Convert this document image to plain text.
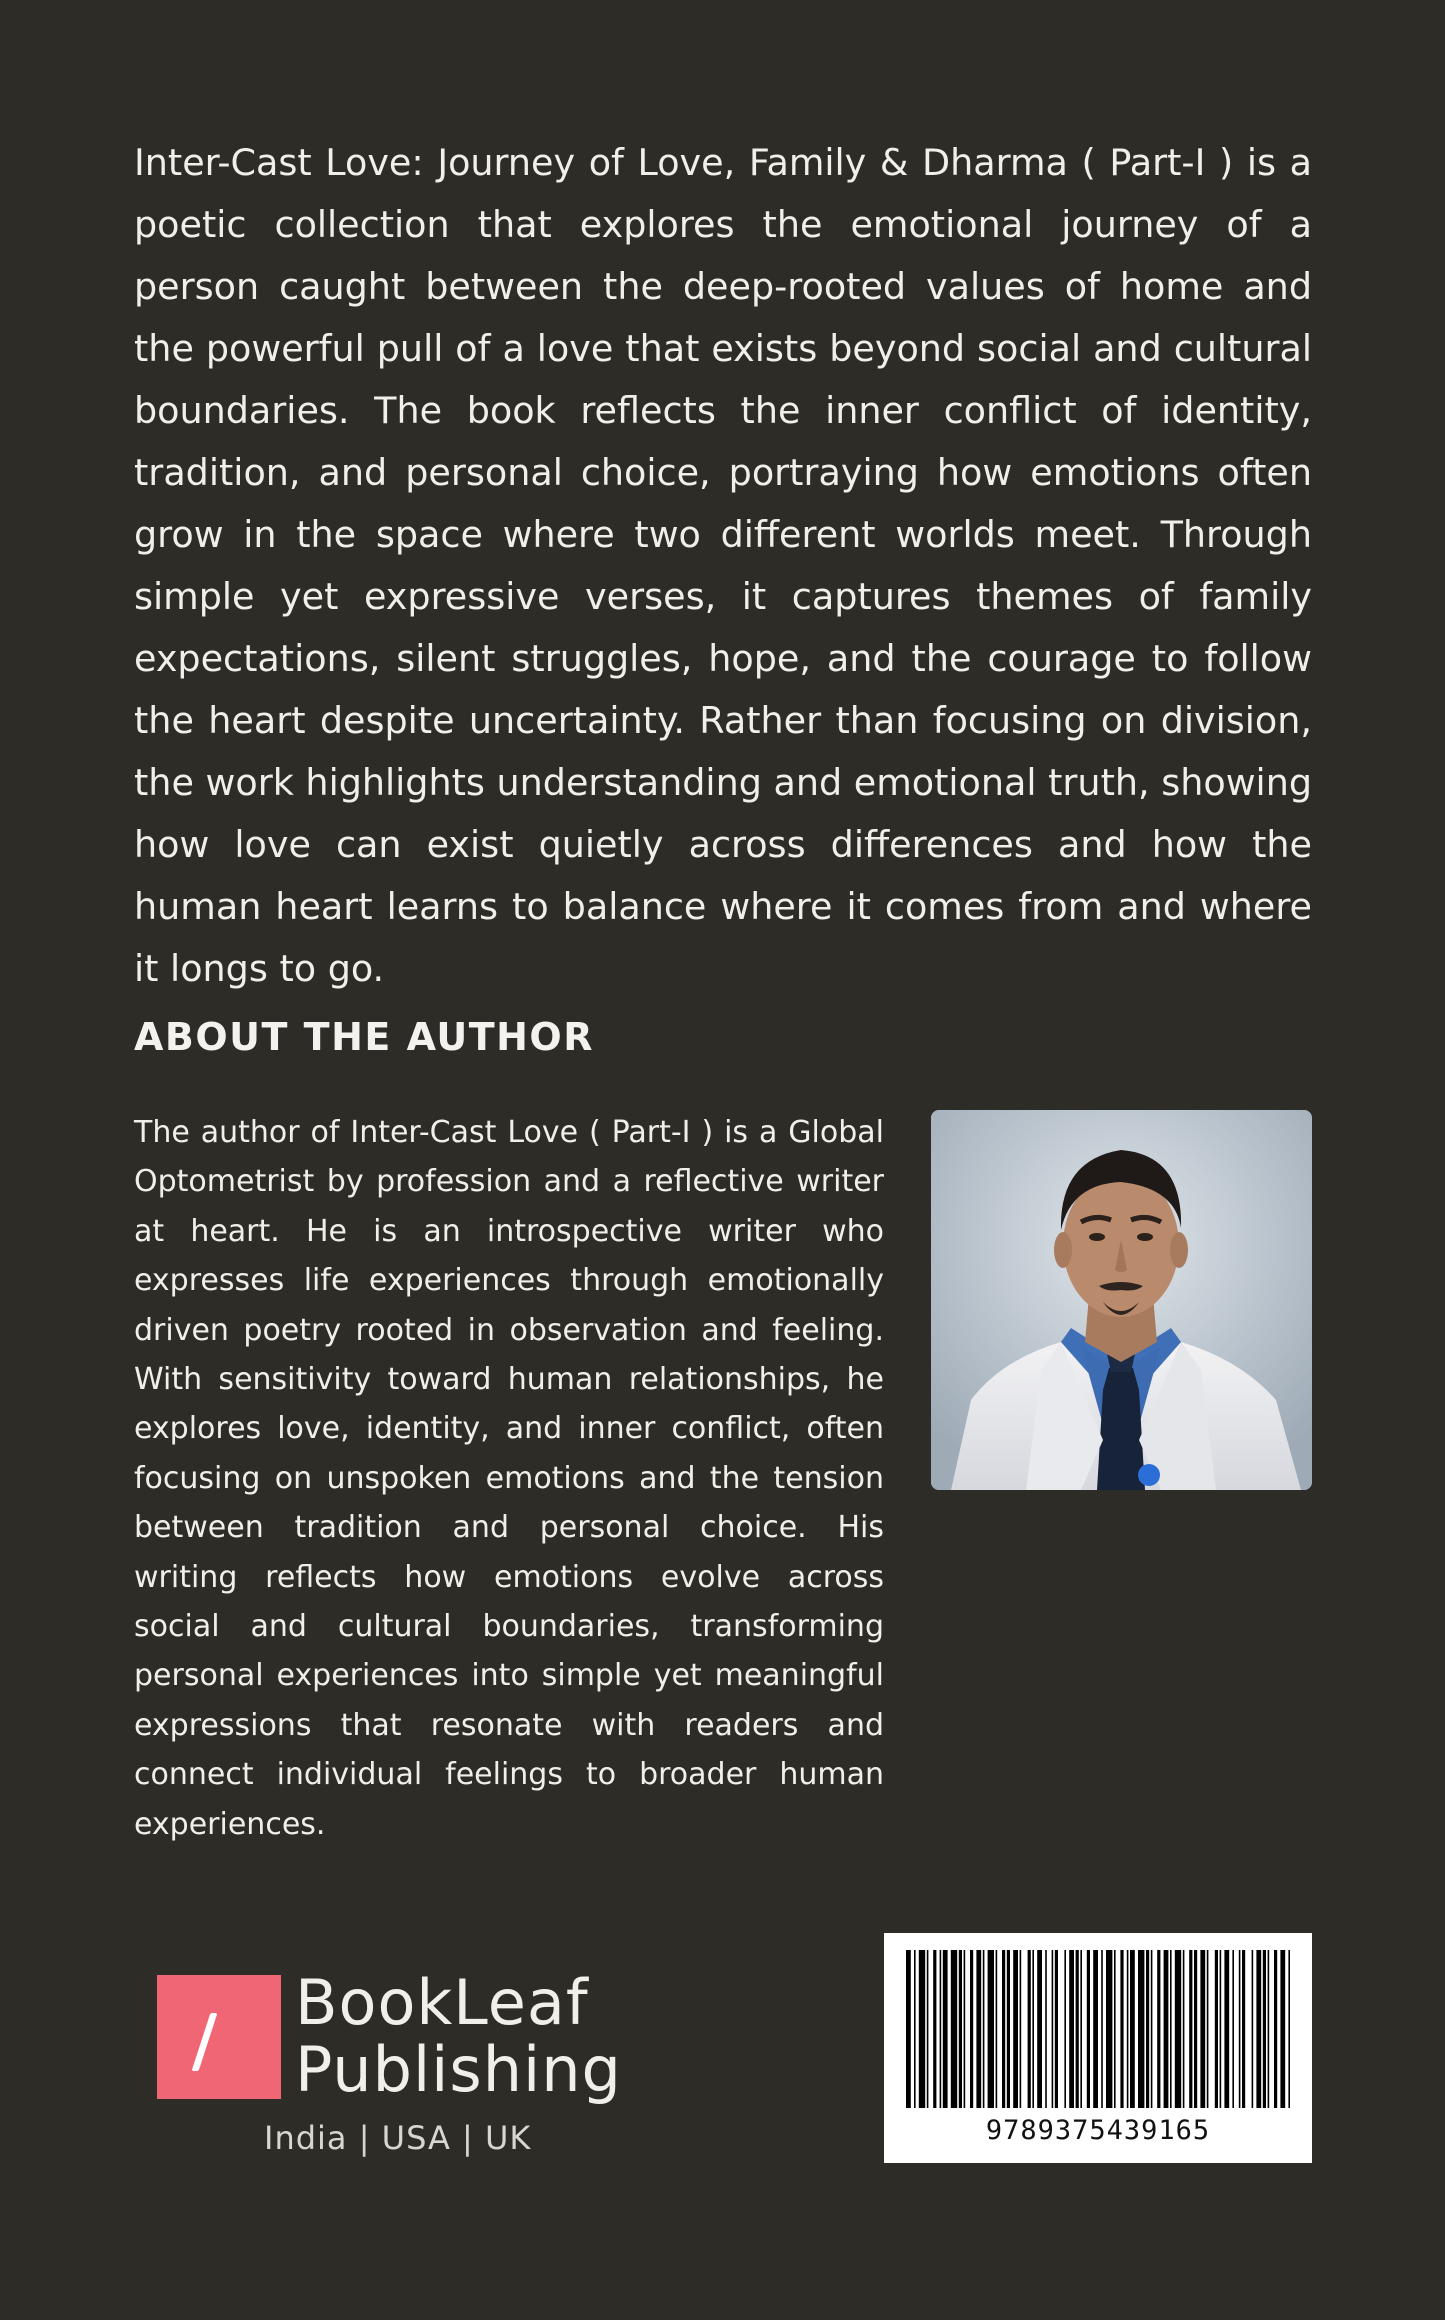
Inter-Cast Love: Journey of Love, Family & Dharma ( Part-I ) is a poetic collection that explores the emotional journey of a person caught between the deep-rooted values of home and the powerful pull of a love that exists beyond social and cultural boundaries. The book reflects the inner conflict of identity, tradition, and personal choice, portraying how emotions often grow in the space where two different worlds meet. Through simple yet expressive verses, it captures themes of family expectations, silent struggles, hope, and the courage to follow the heart despite uncertainty. Rather than focusing on division, the work highlights understanding and emotional truth, showing how love can exist quietly across differences and how the human heart learns to balance where it comes from and where it longs to go.

ABOUT THE AUTHOR

The author of Inter-Cast Love ( Part-I ) is a Global Optometrist by profession and a reflective writer at heart. He is an introspective writer who expresses life experiences through emotionally driven poetry rooted in observation and feeling. With sensitivity toward human relationships, he explores love, identity, and inner conflict, often focusing on unspoken emotions and the tension between tradition and personal choice. His writing reflects how emotions evolve across social and cultural boundaries, transforming personal experiences into simple yet meaningful expressions that resonate with readers and connect individual feelings to broader human experiences.

BookLeaf
Publishing
India | USA | UK	9789375439165
